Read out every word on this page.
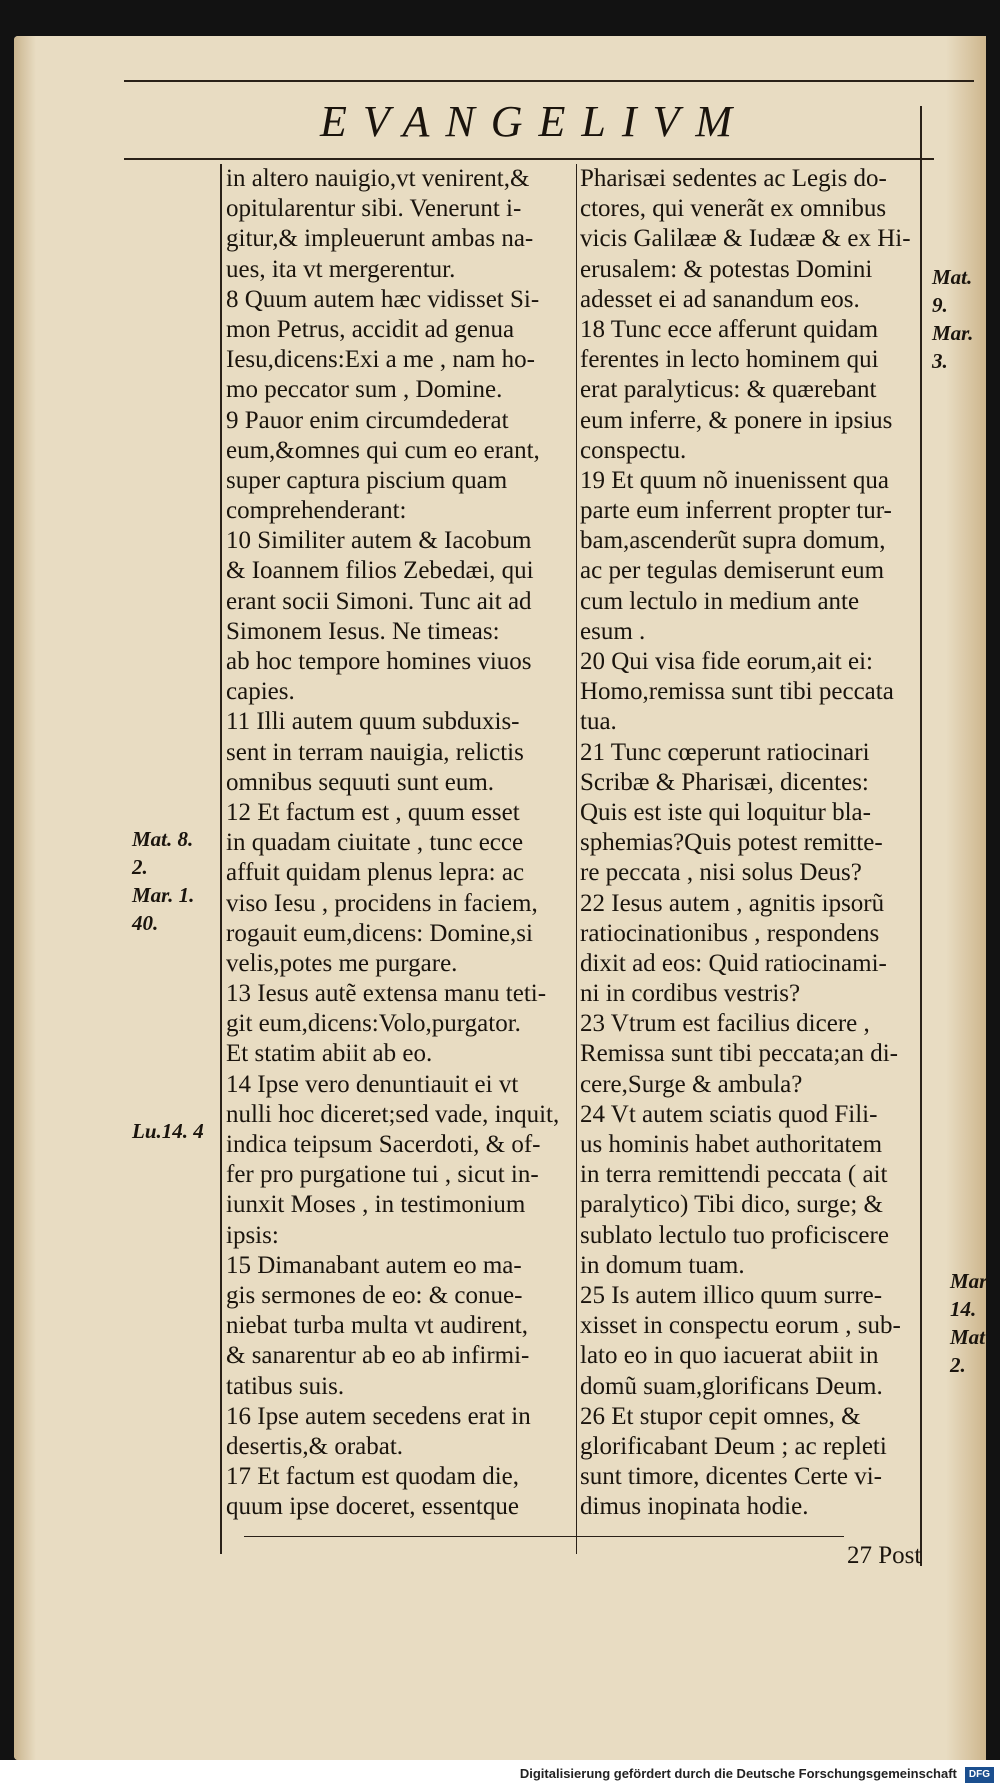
EVANGELIVM
Mat. 8.
2.
Mar. 1.
40.
Lu.14. 4
Mat.
9.
Mar.
3.
Mar
14.
Mat
2.
in altero nauigio,vt venirent,&
opitularentur sibi. Venerunt i-
gitur,& impleuerunt ambas na-
ues, ita vt mergerentur.
8 Quum autem hæc vidisset Si-
mon Petrus, accidit ad genua
Iesu,dicens:Exi a me , nam ho-
mo peccator sum , Domine.
9 Pauor enim circumdederat
eum,&omnes qui cum eo erant,
super captura piscium quam
comprehenderant:
10 Similiter autem & Iacobum
& Ioannem filios Zebedæi, qui
erant socii Simoni. Tunc ait ad
Simonem Iesus. Ne timeas:
ab hoc tempore homines viuos
capies.
11 Illi autem quum subduxis-
sent in terram nauigia, relictis
omnibus sequuti sunt eum.
12 Et factum est , quum esset
in quadam ciuitate , tunc ecce
affuit quidam plenus lepra: ac
viso Iesu , procidens in faciem,
rogauit eum,dicens: Domine,si
velis,potes me purgare.
13 Iesus autẽ extensa manu teti-
git eum,dicens:Volo,purgator.
Et statim abiit ab eo.
14 Ipse vero denuntiauit ei vt
nulli hoc diceret;sed vade, inquit,
indica teipsum Sacerdoti, & of-
fer pro purgatione tui , sicut in-
iunxit Moses , in testimonium
ipsis:
15 Dimanabant autem eo ma-
gis sermones de eo: & conue-
niebat turba multa vt audirent,
& sanarentur ab eo ab infirmi-
tatibus suis.
16 Ipse autem secedens erat in
desertis,& orabat.
17 Et factum est quodam die,
quum ipse doceret, essentque
Pharisæi sedentes ac Legis do-
ctores, qui venerãt ex omnibus
vicis Galilææ & Iudææ & ex Hi-
erusalem: & potestas Domini
adesset ei ad sanandum eos.
18 Tunc ecce afferunt quidam
ferentes in lecto hominem qui
erat paralyticus: & quærebant
eum inferre, & ponere in ipsius
conspectu.
19 Et quum nõ inuenissent qua
parte eum inferrent propter tur-
bam,ascenderũt supra domum,
ac per tegulas demiserunt eum
cum lectulo in medium ante
esum .
20 Qui visa fide eorum,ait ei:
Homo,remissa sunt tibi peccata
tua.
21 Tunc cœperunt ratiocinari
Scribæ & Pharisæi, dicentes:
Quis est iste qui loquitur bla-
sphemias?Quis potest remitte-
re peccata , nisi solus Deus?
22 Iesus autem , agnitis ipsorũ
ratiocinationibus , respondens
dixit ad eos: Quid ratiocinami-
ni in cordibus vestris?
23 Vtrum est facilius dicere ,
Remissa sunt tibi peccata;an di-
cere,Surge & ambula?
24 Vt autem sciatis quod Fili-
us hominis habet authoritatem
in terra remittendi peccata ( ait
paralytico) Tibi dico, surge; &
sublato lectulo tuo proficiscere
in domum tuam.
25 Is autem illico quum surre-
xisset in conspectu eorum , sub-
lato eo in quo iacuerat abiit in
domũ suam,glorificans Deum.
26 Et stupor cepit omnes, &
glorificabant Deum ; ac repleti
sunt timore, dicentes Certe vi-
dimus inopinata hodie.
27 Post
Digitalisierung gefördert durch die Deutsche Forschungsgemeinschaft DFG
